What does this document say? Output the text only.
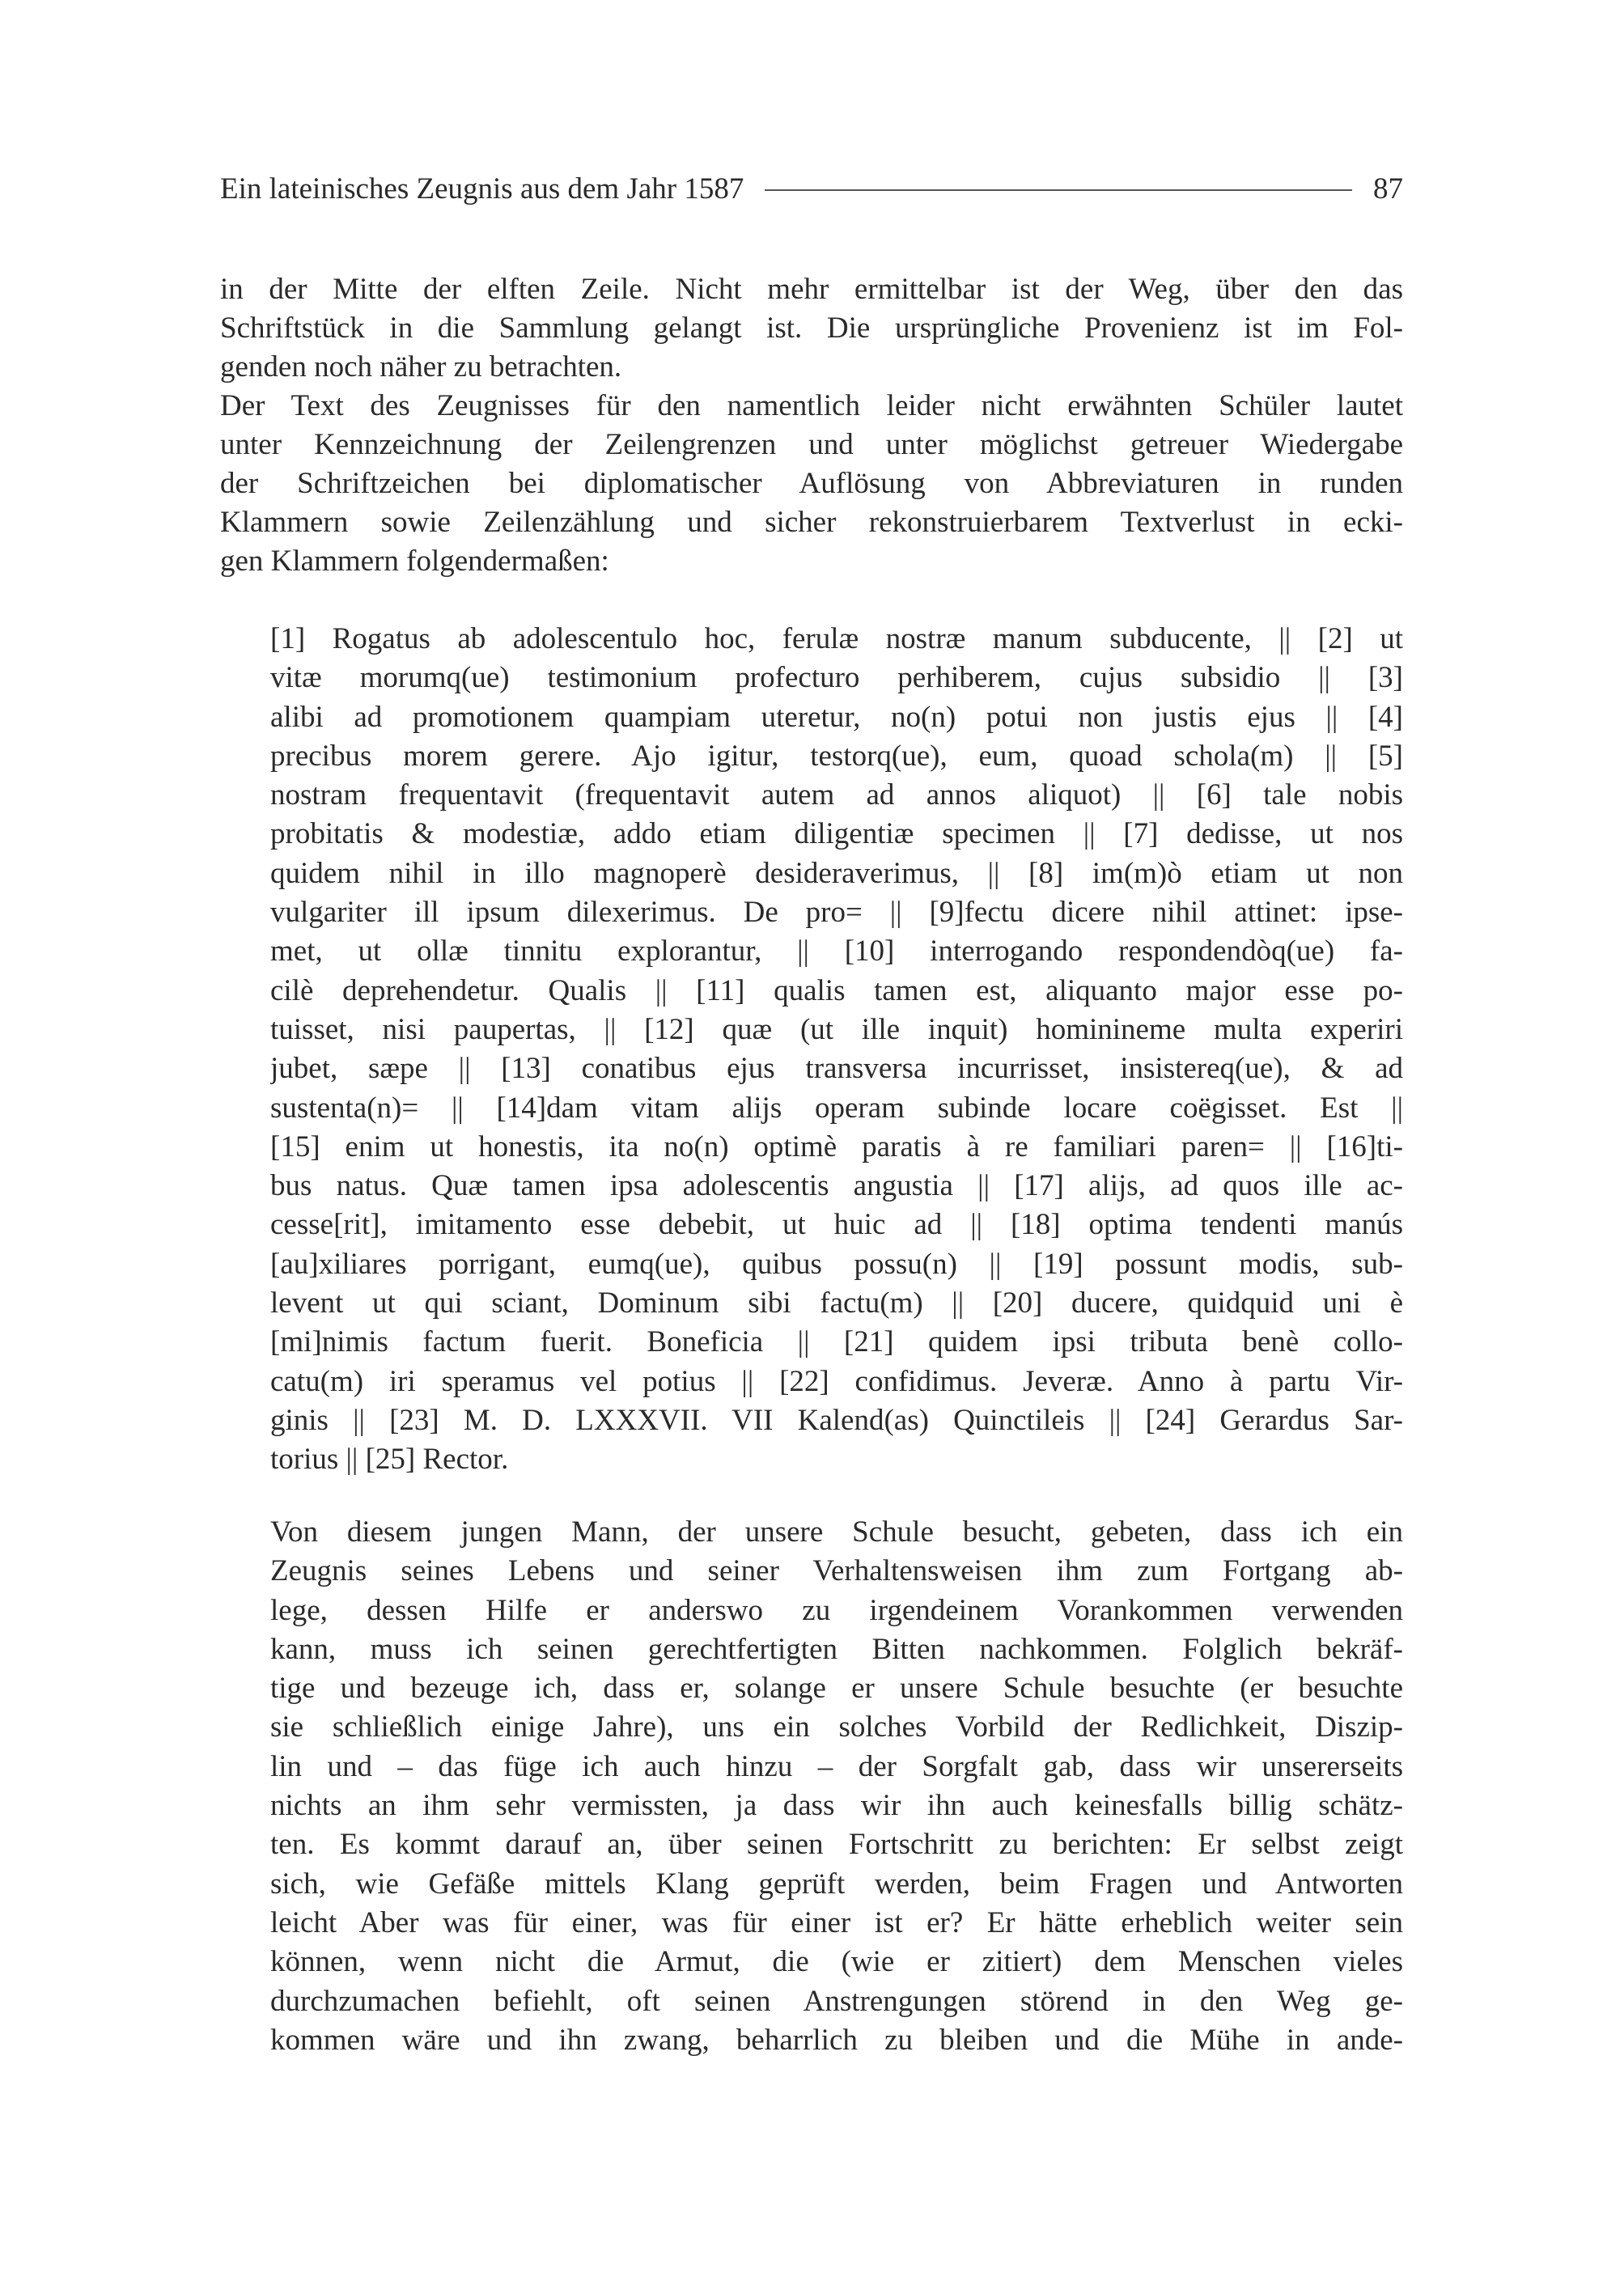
Ein lateinisches Zeugnis aus dem Jahr 1587	87
in der Mitte der elften Zeile. Nicht mehr ermittelbar ist der Weg, über den das
Schriftstück in die Sammlung gelangt ist. Die ursprüngliche Provenienz ist im Fol-
genden noch näher zu betrachten.
Der Text des Zeugnisses für den namentlich leider nicht erwähnten Schüler lautet
unter Kennzeichnung der Zeilengrenzen und unter möglichst getreuer Wiedergabe
der Schriftzeichen bei diplomatischer Auflösung von Abbreviaturen in runden
Klammern sowie Zeilenzählung und sicher rekonstruierbarem Textverlust in ecki-
gen Klammern folgendermaßen:
[1] Rogatus ab adolescentulo hoc, ferulæ nostræ manum subducente, || [2] ut
vitæ morumq(ue) testimonium profecturo perhiberem, cujus subsidio || [3]
alibi ad promotionem quampiam uteretur, no(n) potui non justis ejus || [4]
precibus morem gerere. Ajo igitur, testorq(ue), eum, quoad schola(m) || [5]
nostram frequentavit (frequentavit autem ad annos aliquot) || [6] tale nobis
probitatis & modestiæ, addo etiam diligentiæ specimen || [7] dedisse, ut nos
quidem nihil in illo magnoperè desideraverimus, || [8] im(m)ò etiam ut non
vulgariter ill ipsum dilexerimus. De pro= || [9]fectu dicere nihil attinet: ipse-
met, ut ollæ tinnitu explorantur, || [10] interrogando respondendòq(ue) fa-
cilè deprehendetur. Qualis || [11] qualis tamen est, aliquanto major esse po-
tuisset, nisi paupertas, || [12] quæ (ut ille inquit) hominineme multa experiri
jubet, sæpe || [13] conatibus ejus transversa incurrisset, insistereq(ue), & ad
sustenta(n)= || [14]dam vitam alijs operam subinde locare coëgisset. Est ||
[15] enim ut honestis, ita no(n) optimè paratis à re familiari paren= || [16]ti-
bus natus. Quæ tamen ipsa adolescentis angustia || [17] alijs, ad quos ille ac-
cesse[rit], imitamento esse debebit, ut huic ad || [18] optima tendenti manús
[au]xiliares porrigant, eumq(ue), quibus possu(n) || [19] possunt modis, sub-
levent ut qui sciant, Dominum sibi factu(m) || [20] ducere, quidquid uni è
[mi]nimis factum fuerit. Boneficia || [21] quidem ipsi tributa benè collo-
catu(m) iri speramus vel potius || [22] confidimus. Jeveræ. Anno à partu Vir-
ginis || [23] M. D. LXXXVII. VII Kalend(as) Quinctileis || [24] Gerardus Sar-
torius || [25] Rector.
Von diesem jungen Mann, der unsere Schule besucht, gebeten, dass ich ein
Zeugnis seines Lebens und seiner Verhaltensweisen ihm zum Fortgang ab-
lege, dessen Hilfe er anderswo zu irgendeinem Vorankommen verwenden
kann, muss ich seinen gerechtfertigten Bitten nachkommen. Folglich bekräf-
tige und bezeuge ich, dass er, solange er unsere Schule besuchte (er besuchte
sie schließlich einige Jahre), uns ein solches Vorbild der Redlichkeit, Diszip-
lin und – das füge ich auch hinzu – der Sorgfalt gab, dass wir unsererseits
nichts an ihm sehr vermissten, ja dass wir ihn auch keinesfalls billig schätz-
ten. Es kommt darauf an, über seinen Fortschritt zu berichten: Er selbst zeigt
sich, wie Gefäße mittels Klang geprüft werden, beim Fragen und Antworten
leicht Aber was für einer, was für einer ist er? Er hätte erheblich weiter sein
können, wenn nicht die Armut, die (wie er zitiert) dem Menschen vieles
durchzumachen befiehlt, oft seinen Anstrengungen störend in den Weg ge-
kommen wäre und ihn zwang, beharrlich zu bleiben und die Mühe in ande-
